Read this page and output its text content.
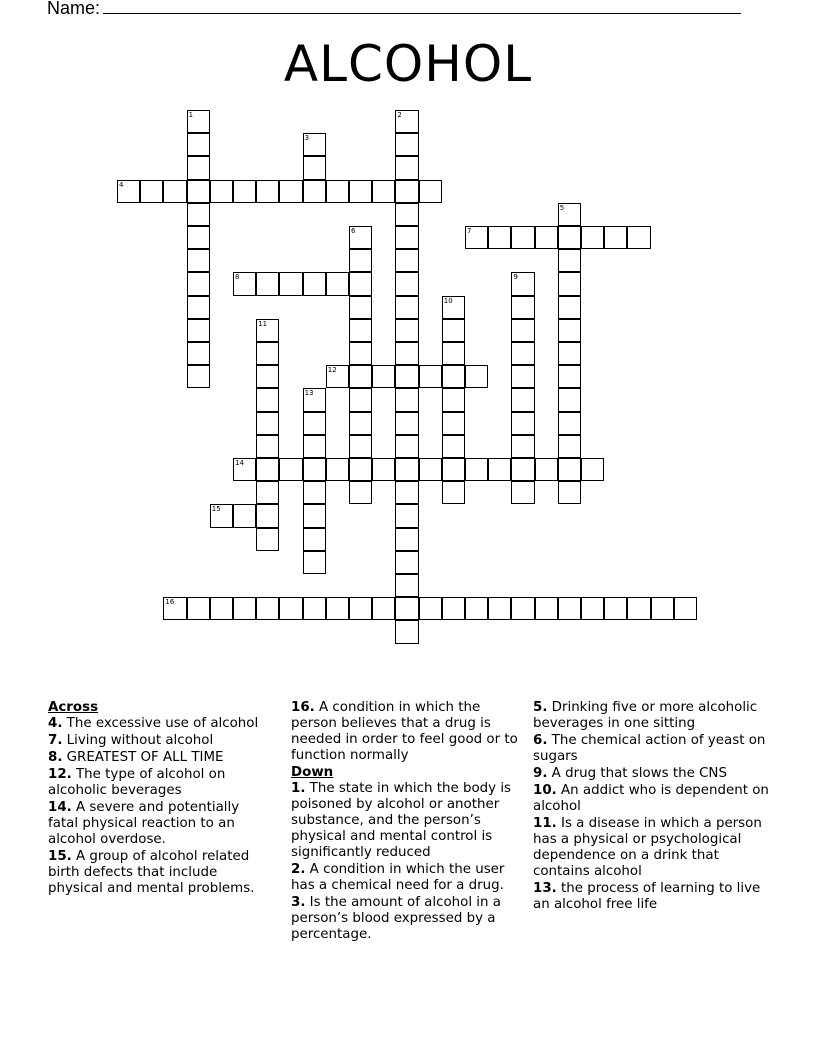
Name:
ALCOHOL
1	2
3
4
5
6	7
8	9
10
11
12
13
14
15
16
Across
4. The excessive use of alcohol
7. Living without alcohol
8. GREATEST OF ALL TIME
12. The type of alcohol on alcoholic beverages
14. A severe and potentially fatal physical reaction to an alcohol overdose.
15. A group of alcohol related birth defects that include physical and mental problems.
16. A condition in which the person believes that a drug is needed in order to feel good or to function normally
Down
1. The state in which the body is poisoned by alcohol or another substance, and the person’s physical and mental control is significantly reduced
2. A condition in which the user has a chemical need for a drug.
3. Is the amount of alcohol in a person’s blood expressed by a percentage.
5. Drinking five or more alcoholic beverages in one sitting
6. The chemical action of yeast on sugars
9. A drug that slows the CNS
10. An addict who is dependent on alcohol
11. Is a disease in which a person has a physical or psychological dependence on a drink that contains alcohol
13. the process of learning to live an alcohol free life
